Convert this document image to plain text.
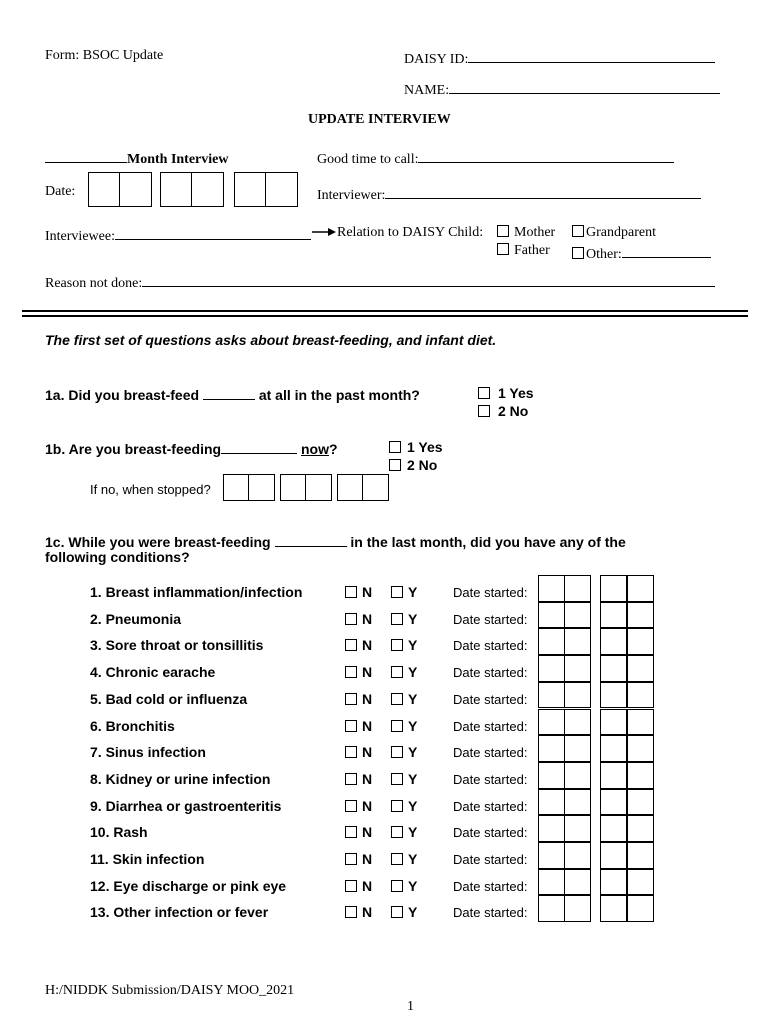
Form: BSOC Update	DAISY ID:
NAME:
UPDATE INTERVIEW
Month Interview	Good time to call:
Date:	Interviewer:
Interviewee:	Relation to DAISY Child:	Mother	Grandparent
Father	Other:
Reason not done:
The first set of questions asks about breast-feeding, and infant diet.
1a. Did you breast-feed	at all in the past month?	1 Yes
2 No
1b. Are you breast-feeding	now?	1 Yes
2 No
If no, when stopped?
1c. While you were breast-feeding	in the last month, did you have any of the
following conditions?
1. Breast inflammation/infection	N	Y	Date started:
2. Pneumonia	N	Y	Date started:
3. Sore throat or tonsillitis	N	Y	Date started:
4. Chronic earache	N	Y	Date started:
5. Bad cold or influenza	N	Y	Date started:
6. Bronchitis	N	Y	Date started:
7. Sinus infection	N	Y	Date started:
8. Kidney or urine infection	N	Y	Date started:
9. Diarrhea or gastroenteritis	N	Y	Date started:
10. Rash	N	Y	Date started:
11. Skin infection	N	Y	Date started:
12. Eye discharge or pink eye	N	Y	Date started:
13. Other infection or fever	N	Y	Date started:
H:/NIDDK Submission/DAISY MOO_2021
1
